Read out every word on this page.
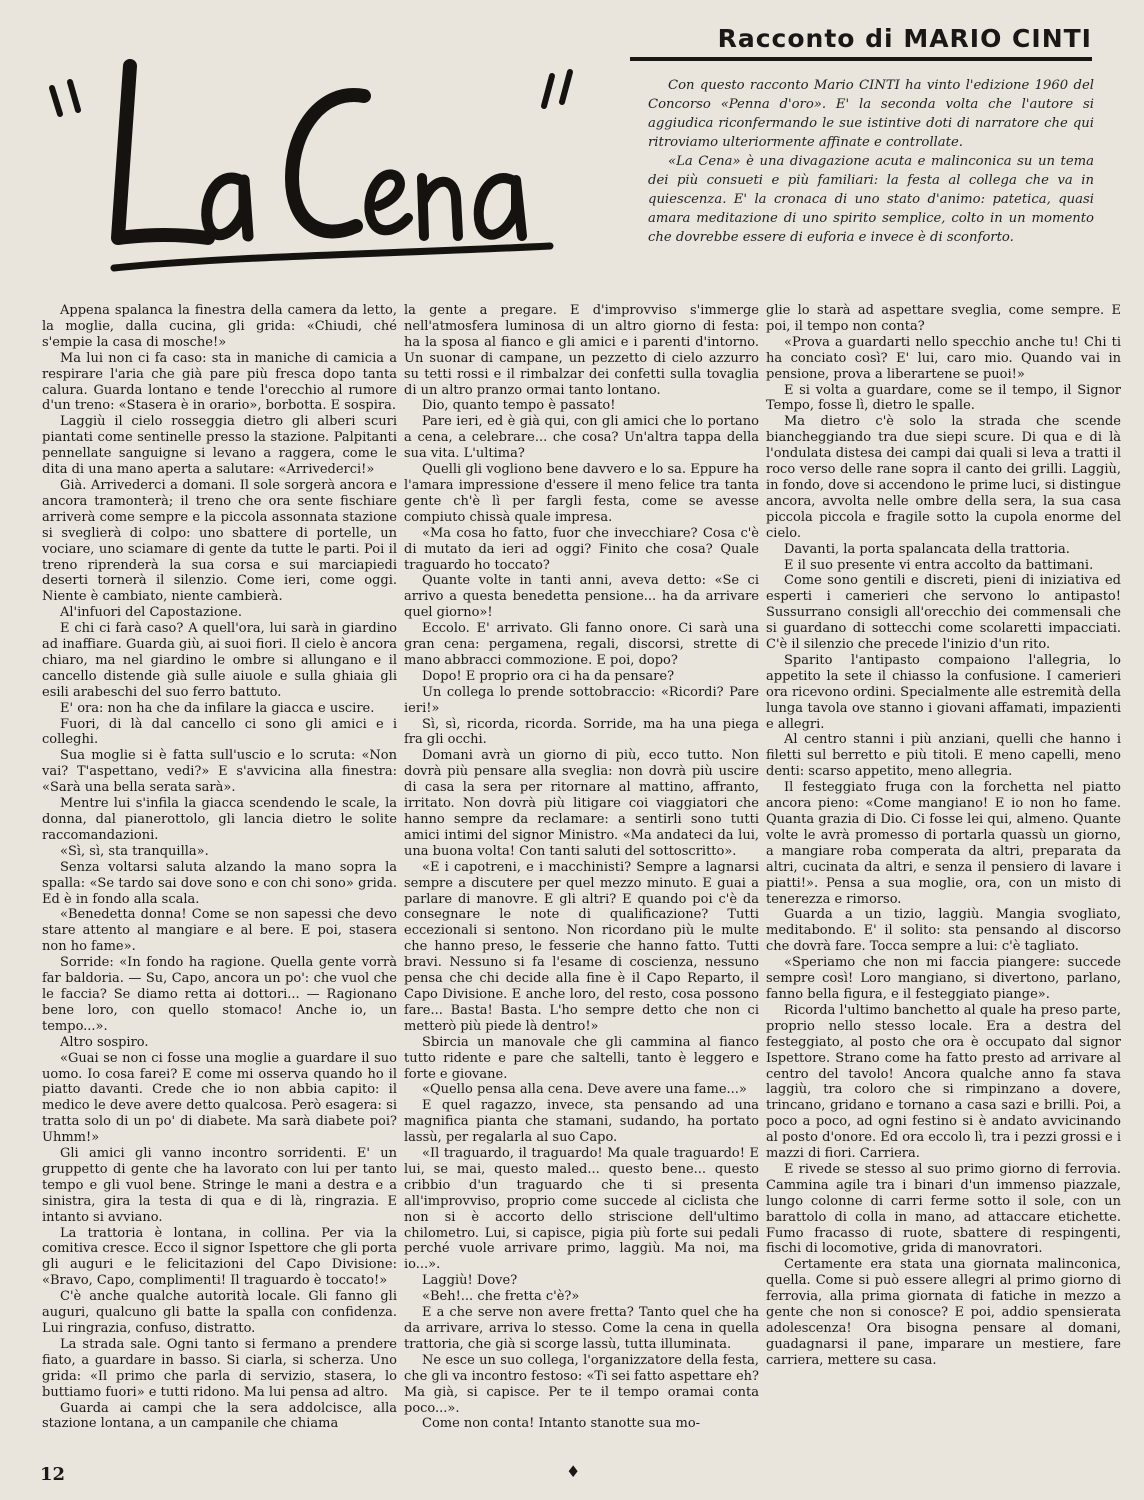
Racconto di MARIO CINTI

Con questo racconto Mario CINTI ha vinto l'edizione 1960 del Concorso «Penna d'oro». E' la seconda volta che l'autore si aggiudica riconfermando le sue istintive doti di narratore che qui ritroviamo ulteriormente affinate e controllate.

«La Cena» è una divagazione acuta e malinconica su un tema dei più consueti e più familiari: la festa al collega che va in quiescenza. E' la cronaca di uno stato d'animo: patetica, quasi amara meditazione di uno spirito semplice, colto in un momento che dovrebbe essere di euforia e invece è di sconforto.

Appena spalanca la finestra della camera da letto, la moglie, dalla cucina, gli grida: «Chiudi, ché s'empie la casa di mosche!»

Ma lui non ci fa caso: sta in maniche di camicia a respirare l'aria che già pare più fresca dopo tanta calura. Guarda lontano e tende l'orecchio al rumore d'un treno: «Stasera è in orario», borbotta. E sospira.

Laggiù il cielo rosseggia dietro gli alberi scuri piantati come sentinelle presso la stazione. Palpitanti pennellate sanguigne si levano a raggera, come le dita di una mano aperta a salutare: «Arrivederci!»

Già. Arrivederci a domani. Il sole sorgerà ancora e ancora tramonterà; il treno che ora sente fischiare arriverà come sempre e la piccola assonnata stazione si sveglierà di colpo: uno sbattere di portelle, un vociare, uno sciamare di gente da tutte le parti. Poi il treno riprenderà la sua corsa e sui marciapiedi deserti tornerà il silenzio. Come ieri, come oggi. Niente è cambiato, niente cambierà.

Al'infuori del Capostazione.

E chi ci farà caso? A quell'ora, lui sarà in giardino ad inaffiare. Guarda giù, ai suoi fiori. Il cielo è ancora chiaro, ma nel giardino le ombre si allungano e il cancello distende già sulle aiuole e sulla ghiaia gli esili arabeschi del suo ferro battuto.

E' ora: non ha che da infilare la giacca e uscire.

Fuori, di là dal cancello ci sono gli amici e i colleghi.

Sua moglie si è fatta sull'uscio e lo scruta: «Non vai? T'aspettano, vedi?» E s'avvicina alla finestra: «Sarà una bella serata sarà».

Mentre lui s'infila la giacca scendendo le scale, la donna, dal pianerottolo, gli lancia dietro le solite raccomandazioni.

«Sì, sì, sta tranquilla».

Senza voltarsi saluta alzando la mano sopra la spalla: «Se tardo sai dove sono e con chi sono» grida. Ed è in fondo alla scala.

«Benedetta donna! Come se non sapessi che devo stare attento al mangiare e al bere. E poi, stasera non ho fame».

Sorride: «In fondo ha ragione. Quella gente vorrà far baldoria. — Su, Capo, ancora un po': che vuol che le faccia? Se diamo retta ai dottori... — Ragionano bene loro, con quello stomaco! Anche io, un tempo...».

Altro sospiro.

«Guai se non ci fosse una moglie a guardare il suo uomo. Io cosa farei? E come mi osserva quando ho il piatto davanti. Crede che io non abbia capito: il medico le deve avere detto qualcosa. Però esagera: si tratta solo di un po' di diabete. Ma sarà diabete poi? Uhmm!»

Gli amici gli vanno incontro sorridenti. E' un gruppetto di gente che ha lavorato con lui per tanto tempo e gli vuol bene. Stringe le mani a destra e a sinistra, gira la testa di qua e di là, ringrazia. E intanto si avviano.

La trattoria è lontana, in collina. Per via la comitiva cresce. Ecco il signor Ispettore che gli porta gli auguri e le felicitazioni del Capo Divisione: «Bravo, Capo, complimenti! Il traguardo è toccato!»

C'è anche qualche autorità locale. Gli fanno gli auguri, qualcuno gli batte la spalla con confidenza. Lui ringrazia, confuso, distratto.

La strada sale. Ogni tanto si fermano a prendere fiato, a guardare in basso. Si ciarla, si scherza. Uno grida: «Il primo che parla di servizio, stasera, lo buttiamo fuori» e tutti ridono. Ma lui pensa ad altro.

Guarda ai campi che la sera addolcisce, alla stazione lontana, a un campanile che chiama

la gente a pregare. E d'improvviso s'immerge nell'atmosfera luminosa di un altro giorno di festa: ha la sposa al fianco e gli amici e i parenti d'intorno. Un suonar di campane, un pezzetto di cielo azzurro su tetti rossi e il rimbalzar dei confetti sulla tovaglia di un altro pranzo ormai tanto lontano.

Dio, quanto tempo è passato!

Pare ieri, ed è già qui, con gli amici che lo portano a cena, a celebrare... che cosa? Un'altra tappa della sua vita. L'ultima?

Quelli gli vogliono bene davvero e lo sa. Eppure ha l'amara impressione d'essere il meno felice tra tanta gente ch'è lì per fargli festa, come se avesse compiuto chissà quale impresa.

«Ma cosa ho fatto, fuor che invecchiare? Cosa c'è di mutato da ieri ad oggi? Finito che cosa? Quale traguardo ho toccato?

Quante volte in tanti anni, aveva detto: «Se ci arrivo a questa benedetta pensione... ha da arrivare quel giorno»!

Eccolo. E' arrivato. Gli fanno onore. Ci sarà una gran cena: pergamena, regali, discorsi, strette di mano abbracci commozione. E poi, dopo?

Dopo! E proprio ora ci ha da pensare?

Un collega lo prende sottobraccio: «Ricordi? Pare ieri!»

Sì, sì, ricorda, ricorda. Sorride, ma ha una piega fra gli occhi.

Domani avrà un giorno di più, ecco tutto. Non dovrà più pensare alla sveglia: non dovrà più uscire di casa la sera per ritornare al mattino, affranto, irritato. Non dovrà più litigare coi viaggiatori che hanno sempre da reclamare: a sentirli sono tutti amici intimi del signor Ministro. «Ma andateci da lui, una buona volta! Con tanti saluti del sottoscritto».

«E i capotreni, e i macchinisti? Sempre a lagnarsi sempre a discutere per quel mezzo minuto. E guai a parlare di manovre. E gli altri? E quando poi c'è da consegnare le note di qualificazione? Tutti eccezionali si sentono. Non ricordano più le multe che hanno preso, le fesserie che hanno fatto. Tutti bravi. Nessuno si fa l'esame di coscienza, nessuno pensa che chi decide alla fine è il Capo Reparto, il Capo Divisione. E anche loro, del resto, cosa possono fare... Basta! Basta. L'ho sempre detto che non ci metterò più piede là dentro!»

Sbircia un manovale che gli cammina al fianco tutto ridente e pare che saltelli, tanto è leggero e forte e giovane.

«Quello pensa alla cena. Deve avere una fame...»

E quel ragazzo, invece, sta pensando ad una magnifica pianta che stamani, sudando, ha portato lassù, per regalarla al suo Capo.

«Il traguardo, il traguardo! Ma quale traguardo! E lui, se mai, questo maled... questo bene... questo cribbio d'un traguardo che ti si presenta all'improvviso, proprio come succede al ciclista che non si è accorto dello striscione dell'ultimo chilometro. Lui, si capisce, pigia più forte sui pedali perché vuole arrivare primo, laggiù. Ma noi, ma io...».

Laggiù! Dove?

«Beh!... che fretta c'è?»

E a che serve non avere fretta? Tanto quel che ha da arrivare, arriva lo stesso. Come la cena in quella trattoria, che già si scorge lassù, tutta illuminata.

Ne esce un suo collega, l'organizzatore della festa, che gli va incontro festoso: «Ti sei fatto aspettare eh? Ma già, si capisce. Per te il tempo oramai conta poco...».

Come non conta! Intanto stanotte sua mo-

glie lo starà ad aspettare sveglia, come sempre. E poi, il tempo non conta?

«Prova a guardarti nello specchio anche tu! Chi ti ha conciato così? E' lui, caro mio. Quando vai in pensione, prova a liberartene se puoi!»

E si volta a guardare, come se il tempo, il Signor Tempo, fosse lì, dietro le spalle.

Ma dietro c'è solo la strada che scende biancheggiando tra due siepi scure. Di qua e di là l'ondulata distesa dei campi dai quali si leva a tratti il roco verso delle rane sopra il canto dei grilli. Laggiù, in fondo, dove si accendono le prime luci, si distingue ancora, avvolta nelle ombre della sera, la sua casa piccola piccola e fragile sotto la cupola enorme del cielo.

Davanti, la porta spalancata della trattoria.

E il suo presente vi entra accolto da battimani.

Come sono gentili e discreti, pieni di iniziativa ed esperti i camerieri che servono lo antipasto! Sussurrano consigli all'orecchio dei commensali che si guardano di sottecchi come scolaretti impacciati. C'è il silenzio che precede l'inizio d'un rito.

Sparito l'antipasto compaiono l'allegria, lo appetito la sete il chiasso la confusione. I camerieri ora ricevono ordini. Specialmente alle estremità della lunga tavola ove stanno i giovani affamati, impazienti e allegri.

Al centro stanni i più anziani, quelli che hanno i filetti sul berretto e più titoli. E meno capelli, meno denti: scarso appetito, meno allegria.

Il festeggiato fruga con la forchetta nel piatto ancora pieno: «Come mangiano! E io non ho fame. Quanta grazia di Dio. Ci fosse lei qui, almeno. Quante volte le avrà promesso di portarla quassù un giorno, a mangiare roba comperata da altri, preparata da altri, cucinata da altri, e senza il pensiero di lavare i piatti!». Pensa a sua moglie, ora, con un misto di tenerezza e rimorso.

Guarda a un tizio, laggiù. Mangia svogliato, meditabondo. E' il solito: sta pensando al discorso che dovrà fare. Tocca sempre a lui: c'è tagliato.

«Speriamo che non mi faccia piangere: succede sempre così! Loro mangiano, si divertono, parlano, fanno bella figura, e il festeggiato piange».

Ricorda l'ultimo banchetto al quale ha preso parte, proprio nello stesso locale. Era a destra del festeggiato, al posto che ora è occupato dal signor Ispettore. Strano come ha fatto presto ad arrivare al centro del tavolo! Ancora qualche anno fa stava laggiù, tra coloro che si rimpinzano a dovere, trincano, gridano e tornano a casa sazi e brilli. Poi, a poco a poco, ad ogni festino si è andato avvicinando al posto d'onore. Ed ora eccolo lì, tra i pezzi grossi e i mazzi di fiori. Carriera.

E rivede se stesso al suo primo giorno di ferrovia. Cammina agile tra i binari d'un immenso piazzale, lungo colonne di carri ferme sotto il sole, con un barattolo di colla in mano, ad attaccare etichette. Fumo fracasso di ruote, sbattere di respingenti, fischi di locomotive, grida di manovratori.

Certamente era stata una giornata malinconica, quella. Come si può essere allegri al primo giorno di ferrovia, alla prima giornata di fatiche in mezzo a gente che non si conosce? E poi, addio spensierata adolescenza! Ora bisogna pensare al domani, guadagnarsi il pane, imparare un mestiere, fare carriera, mettere su casa.

12	♦
